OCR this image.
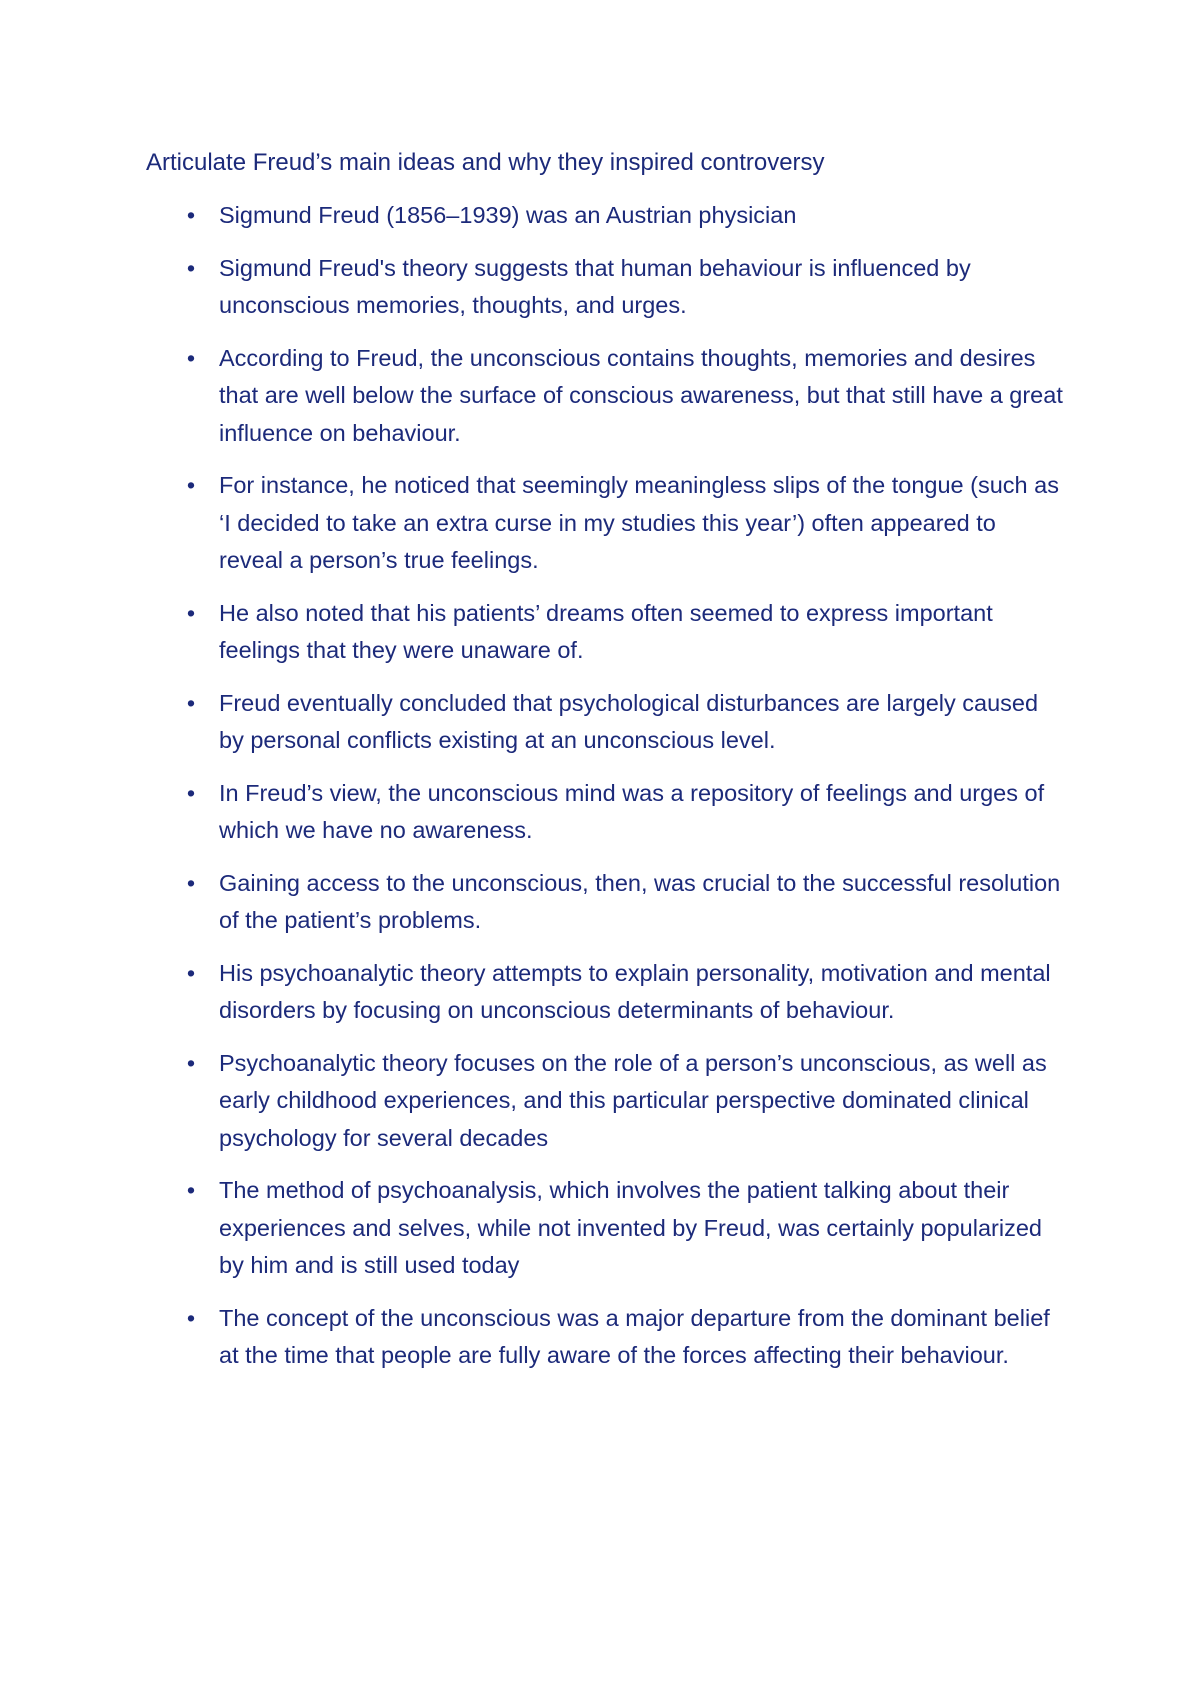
Articulate Freud’s main ideas and why they inspired controversy
• Sigmund Freud (1856–1939) was an Austrian physician
• Sigmund Freud's theory suggests that human behaviour is influenced by unconscious memories, thoughts, and urges.
• According to Freud, the unconscious contains thoughts, memories and desires that are well below the surface of conscious awareness, but that still have a great influence on behaviour.
• For instance, he noticed that seemingly meaningless slips of the tongue (such as ‘I decided to take an extra curse in my studies this year’) often appeared to reveal a person’s true feelings.
• He also noted that his patients’ dreams often seemed to express important feelings that they were unaware of.
• Freud eventually concluded that psychological disturbances are largely caused by personal conflicts existing at an unconscious level.
• In Freud’s view, the unconscious mind was a repository of feelings and urges of which we have no awareness.
• Gaining access to the unconscious, then, was crucial to the successful resolution of the patient’s problems.
• His psychoanalytic theory attempts to explain personality, motivation and mental disorders by focusing on unconscious determinants of behaviour.
• Psychoanalytic theory focuses on the role of a person’s unconscious, as well as early childhood experiences, and this particular perspective dominated clinical psychology for several decades
• The method of psychoanalysis, which involves the patient talking about their experiences and selves, while not invented by Freud, was certainly popularized by him and is still used today
• The concept of the unconscious was a major departure from the dominant belief at the time that people are fully aware of the forces affecting their behaviour.
